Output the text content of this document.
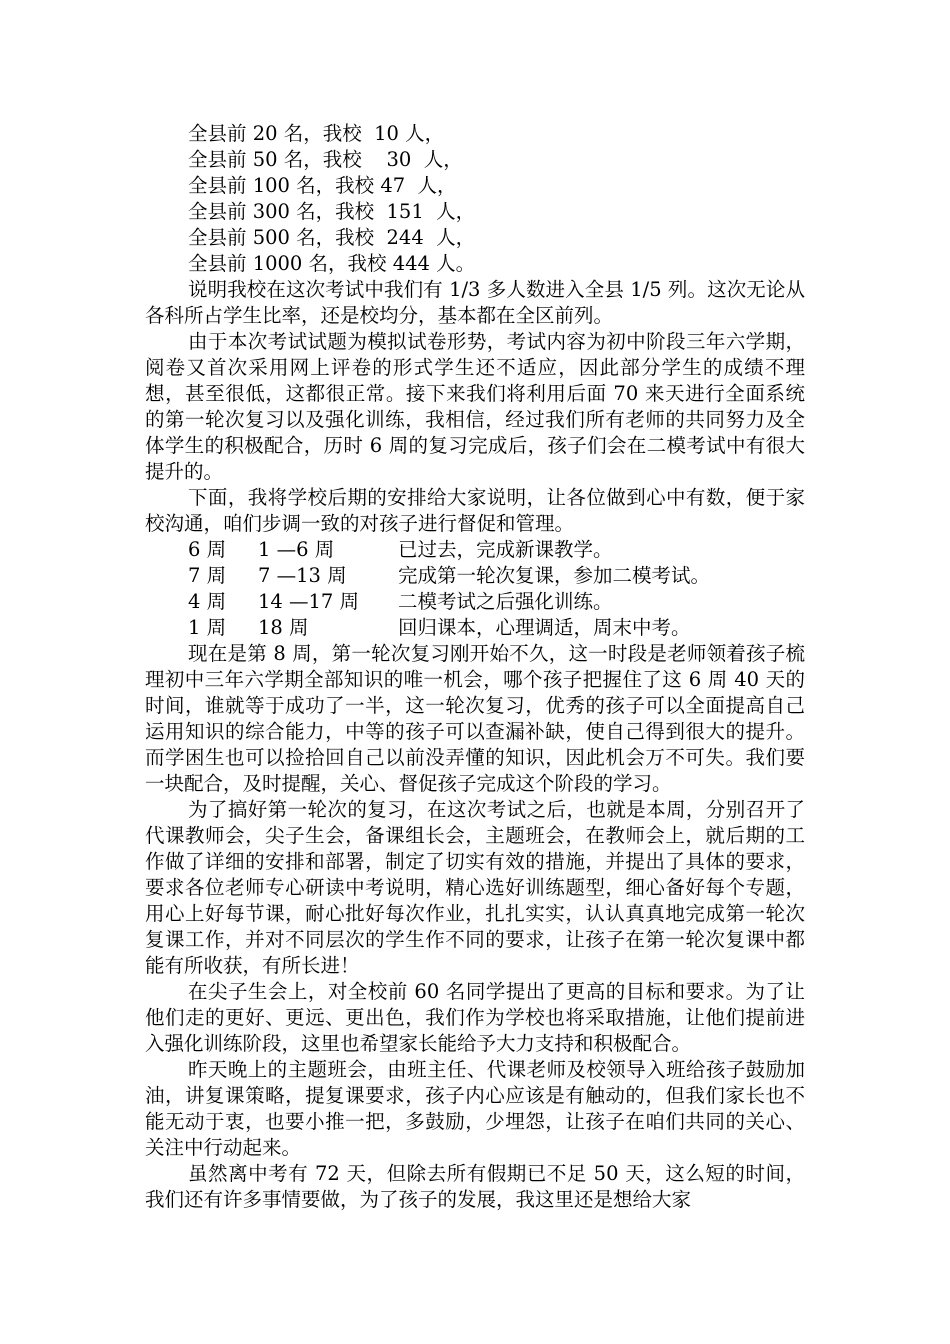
全县前 20 名，我校  10 人，

全县前 50 名，我校    30  人，

全县前 100 名，我校 47  人，

全县前 300 名，我校  151  人，

全县前 500 名，我校  244  人，

全县前 1000 名，我校 444 人。

说明我校在这次考试中我们有 1/3 多人数进入全县 1/5 列。这次无论从各科所占学生比率，还是校均分，基本都在全区前列。

由于本次考试试题为模拟试卷形势，考试内容为初中阶段三年六学期，阅卷又首次采用网上评卷的形式学生还不适应，因此部分学生的成绩不理想，甚至很低，这都很正常。接下来我们将利用后面 70 来天进行全面系统的第一轮次复习以及强化训练，我相信，经过我们所有老师的共同努力及全体学生的积极配合，历时 6 周的复习完成后，孩子们会在二模考试中有很大提升的。

下面，我将学校后期的安排给大家说明，让各位做到心中有数，便于家校沟通，咱们步调一致的对孩子进行督促和管理。

6 周 1 —6 周	已过去，完成新课教学。

7 周 7 —13 周	完成第一轮次复课，参加二模考试。

4 周 14 —17 周 二模考试之后强化训练。

1 周 18 周	回归课本，心理调适，周末中考。

现在是第 8 周，第一轮次复习刚开始不久，这一时段是老师领着孩子梳理初中三年六学期全部知识的唯一机会，哪个孩子把握住了这 6 周 40 天的时间，谁就等于成功了一半，这一轮次复习，优秀的孩子可以全面提高自己运用知识的综合能力，中等的孩子可以查漏补缺，使自己得到很大的提升。而学困生也可以捡拾回自己以前没弄懂的知识，因此机会万不可失。我们要一块配合，及时提醒，关心、督促孩子完成这个阶段的学习。

为了搞好第一轮次的复习，在这次考试之后，也就是本周，分别召开了代课教师会，尖子生会，备课组长会，主题班会，在教师会上，就后期的工作做了详细的安排和部署，制定了切实有效的措施，并提出了具体的要求，要求各位老师专心研读中考说明，精心选好训练题型，细心备好每个专题，用心上好每节课，耐心批好每次作业，扎扎实实，认认真真地完成第一轮次复课工作，并对不同层次的学生作不同的要求，让孩子在第一轮次复课中都能有所收获，有所长进！

在尖子生会上，对全校前 60 名同学提出了更高的目标和要求。为了让他们走的更好、更远、更出色，我们作为学校也将采取措施，让他们提前进入强化训练阶段，这里也希望家长能给予大力支持和积极配合。

昨天晚上的主题班会，由班主任、代课老师及校领导入班给孩子鼓励加油，讲复课策略，提复课要求，孩子内心应该是有触动的，但我们家长也不能无动于衷，也要小推一把，多鼓励，少埋怨，让孩子在咱们共同的关心、关注中行动起来。

虽然离中考有 72 天，但除去所有假期已不足 50 天，这么短的时间，我们还有许多事情要做，为了孩子的发展，我这里还是想给大家
